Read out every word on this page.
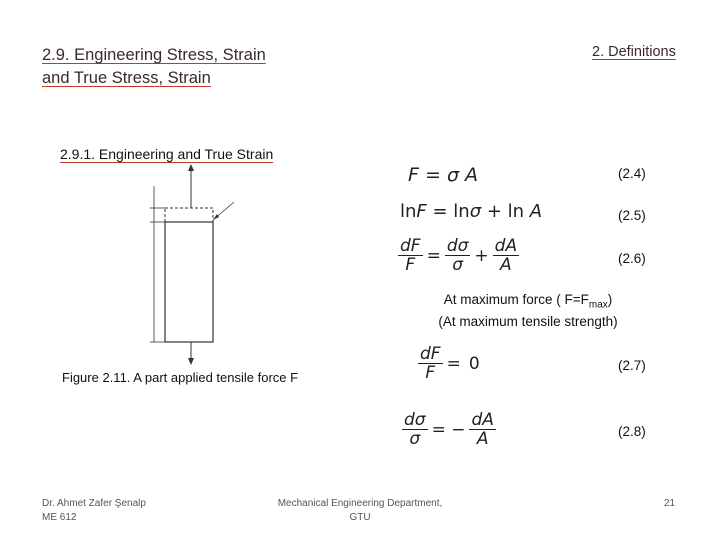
2.9. Engineering Stress, Strain
and True Stress, Strain
2. Definitions
2.9.1. Engineering and True Strain
Figure 2.11. A part applied tensile force F
F = σ A	(2.4)
lnF = lnσ + ln A	(2.5)
$\frac{dF}{F} = \frac{d\sigma}{\sigma} + \frac{dA}{A}$	(2.6)
At maximum force ( $F=F_{max}$)
(At maximum tensile strength)
$\frac{dF}{F} = 0$	(2.7)
$\frac{d\sigma}{\sigma}$ = − $\frac{dA}{A}$	(2.8)
Dr. Ahmet Zafer Şenalp
ME 612
Mechanical Engineering Department,
GTU
21
